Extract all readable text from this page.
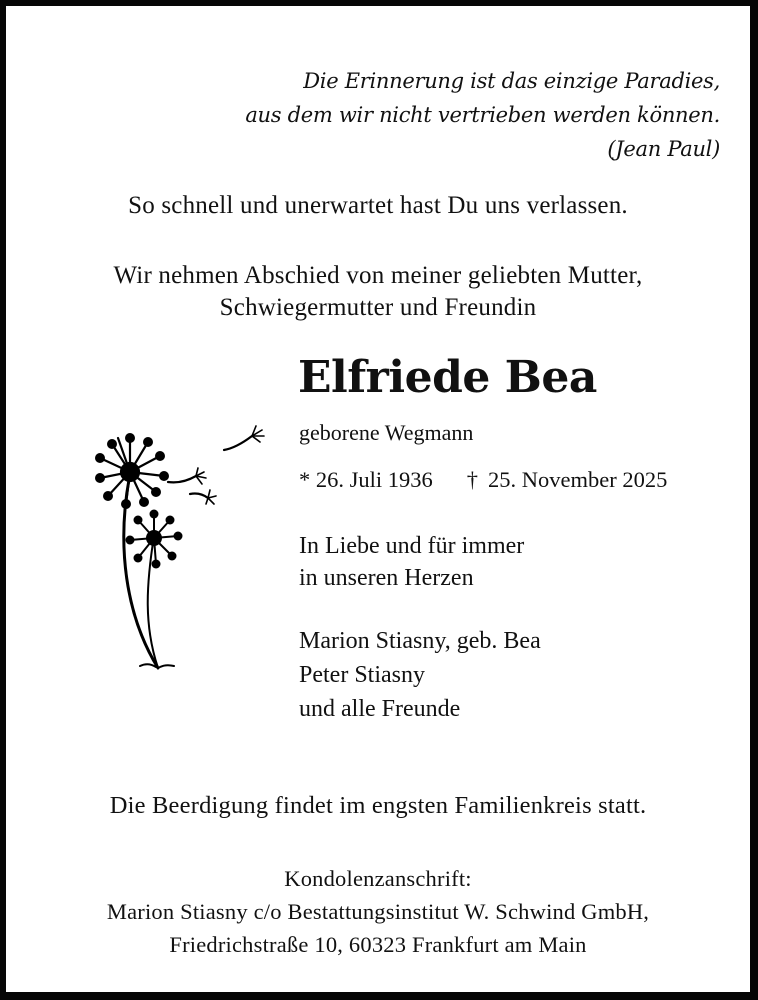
Die Erinnerung ist das einzige Paradies,
aus dem wir nicht vertrieben werden können.
(Jean Paul)
So schnell und unerwartet hast Du uns verlassen.
Wir nehmen Abschied von meiner geliebten Mutter,
Schwiegermutter und Freundin
Elfriede Bea
geborene Wegmann
*
26. Juli 1936 † 25. November 2025
In Liebe und für immer
in unseren Herzen
Marion Stiasny, geb. Bea
Peter Stiasny
und alle Freunde
Die Beerdigung findet im engsten Familienkreis statt.
Kondolenzanschrift:
Marion Stiasny c/o Bestattungsinstitut W. Schwind GmbH,
Friedrichstraße 10, 60323 Frankfurt am Main
